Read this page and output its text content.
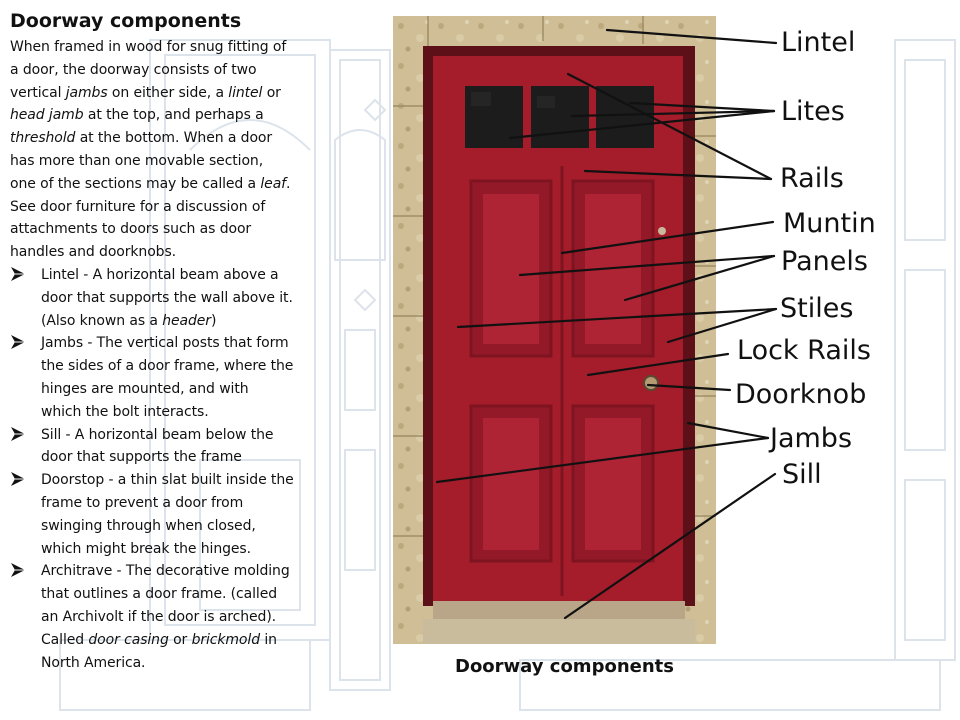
Doorway components
When framed in wood for snug fitting of
a door, the doorway consists of two
vertical jambs on either side, a lintel or
head jamb at the top, and perhaps a
threshold at the bottom. When a door
has more than one movable section,
one of the sections may be called a leaf.
See door furniture for a discussion of
attachments to doors such as door
handles and doorknobs.
Lintel - A horizontal beam above a
door that supports the wall above it.
(Also known as a header)
Jambs - The vertical posts that form
the sides of a door frame, where the
hinges are mounted, and with
which the bolt interacts.
Sill - A horizontal beam below the
door that supports the frame
Doorstop - a thin slat built inside the
frame to prevent a door from
swinging through when closed,
which might break the hinges.
Architrave - The decorative molding
that outlines a door frame. (called
an Archivolt if the door is arched).
Called door casing or brickmold in
North America.
Lintel
Lites
Rails
Muntin
Panels
Stiles
Lock Rails
Doorknob
Jambs
Sill
Doorway components
